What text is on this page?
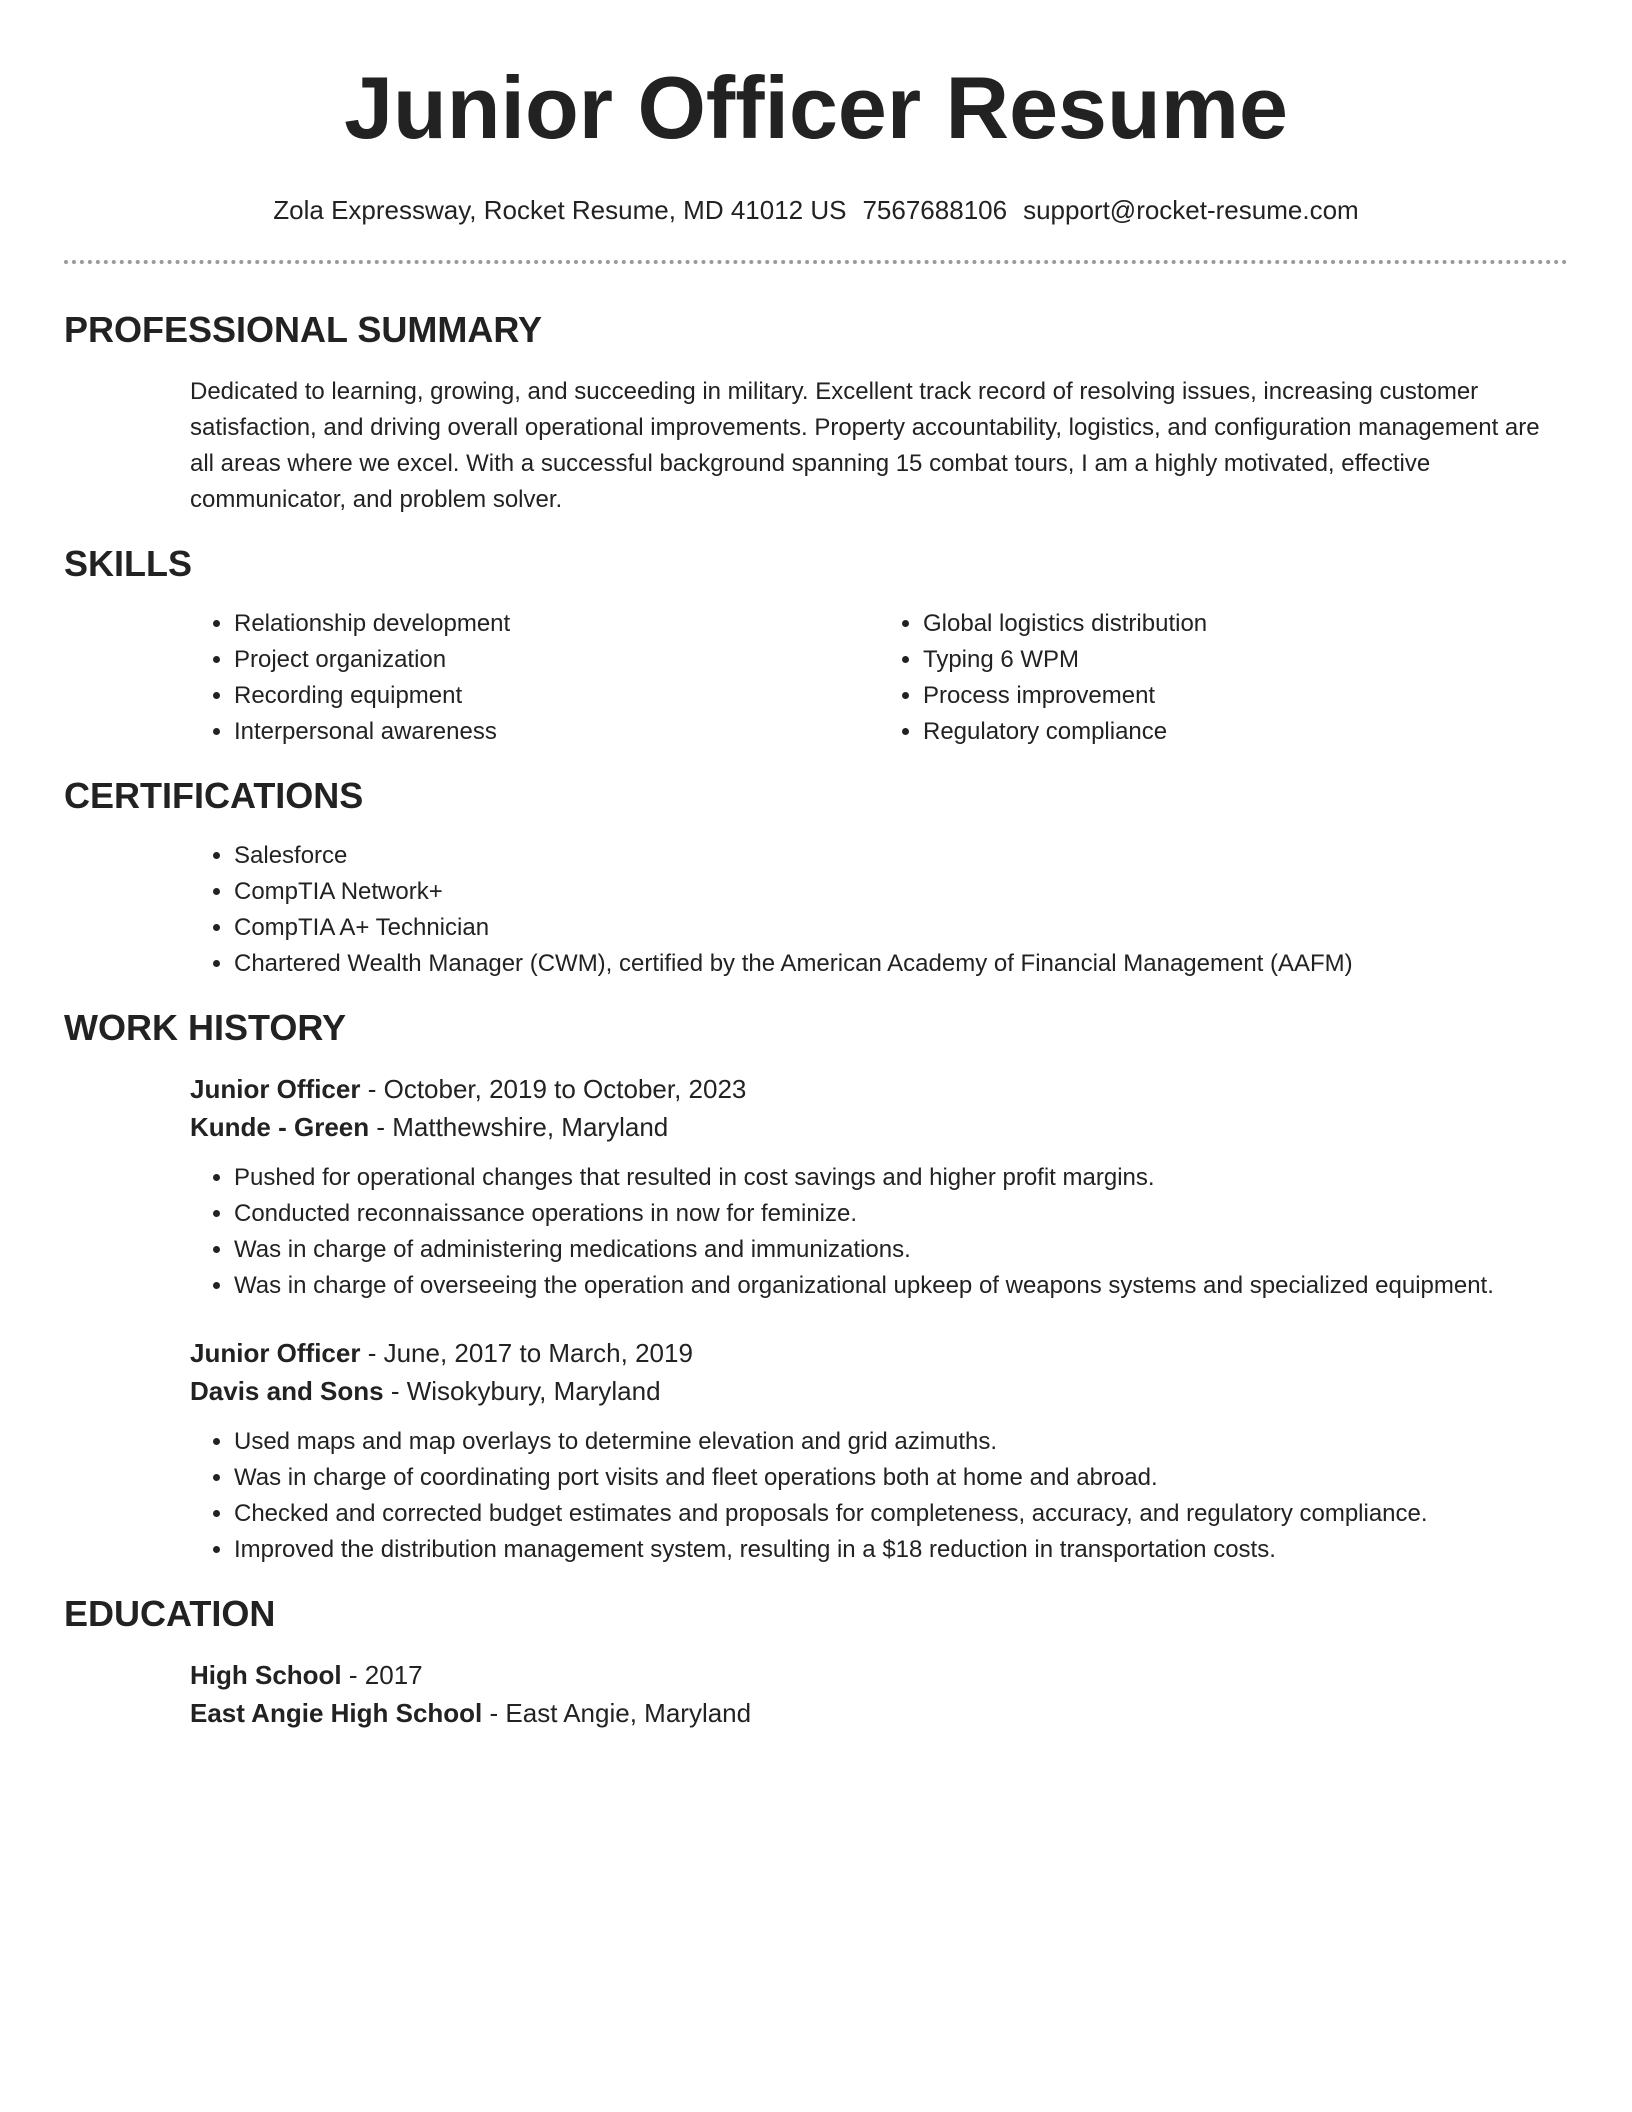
Junior Officer Resume
Zola Expressway, Rocket Resume, MD 41012 US 7567688106 support@rocket-resume.com
PROFESSIONAL SUMMARY

Dedicated to learning, growing, and succeeding in military. Excellent track record of resolving issues, increasing customer satisfaction, and driving overall operational improvements. Property accountability, logistics, and configuration management are all areas where we excel. With a successful background spanning 15 combat tours, I am a highly motivated, effective communicator, and problem solver.

SKILLS
• Relationship development
• Project organization
• Recording equipment
• Interpersonal awareness
• Global logistics distribution
• Typing 6 WPM
• Process improvement
• Regulatory compliance
CERTIFICATIONS
• Salesforce
• CompTIA Network+
• CompTIA A+ Technician
• Chartered Wealth Manager (CWM), certified by the American Academy of Financial Management (AAFM)
WORK HISTORY
Junior Officer - October, 2019 to October, 2023
Kunde - Green - Matthewshire, Maryland
• Pushed for operational changes that resulted in cost savings and higher profit margins.
• Conducted reconnaissance operations in now for feminize.
• Was in charge of administering medications and immunizations.
• Was in charge of overseeing the operation and organizational upkeep of weapons systems and specialized equipment.
Junior Officer - June, 2017 to March, 2019
Davis and Sons - Wisokybury, Maryland
• Used maps and map overlays to determine elevation and grid azimuths.
• Was in charge of coordinating port visits and fleet operations both at home and abroad.
• Checked and corrected budget estimates and proposals for completeness, accuracy, and regulatory compliance.
• Improved the distribution management system, resulting in a $18 reduction in transportation costs.
EDUCATION
High School - 2017
East Angie High School - East Angie, Maryland
